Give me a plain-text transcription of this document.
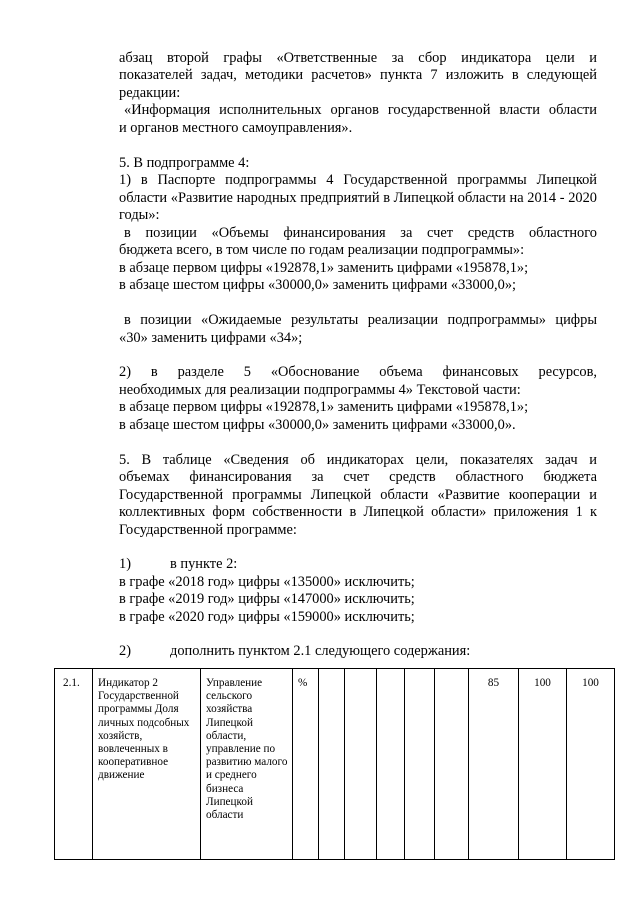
абзац второй графы «Ответственные за сбор индикатора цели и

показателей задач, методики расчетов» пункта 7 изложить в следующей

редакции:

«Информация исполнительных органов государственной власти области

и органов местного самоуправления».

5. В подпрограмме 4:

1) в Паспорте подпрограммы 4 Государственной программы Липецкой

области «Развитие народных предприятий в Липецкой области на 2014 - 2020

годы»:

в позиции «Объемы финансирования за счет средств областного

бюджета всего, в том числе по годам реализации подпрограммы»:

в абзаце первом цифры «192878,1» заменить цифрами «195878,1»;

в абзаце шестом цифры «30000,0» заменить цифрами «33000,0»;

в позиции «Ожидаемые результаты реализации подпрограммы» цифры

«30» заменить цифрами «34»;

2) в разделе 5 «Обоснование объема финансовых ресурсов,

необходимых для реализации подпрограммы 4» Текстовой части:

в абзаце первом цифры «192878,1» заменить цифрами «195878,1»;

в абзаце шестом цифры «30000,0» заменить цифрами «33000,0».

5. В таблице «Сведения об индикаторах цели, показателях задач и

объемах финансирования за счет средств областного бюджета

Государственной программы Липецкой области «Развитие кооперации и

коллективных форм собственности в Липецкой области» приложения 1 к

Государственной программе:

1)	в пункте 2:

в графе «2018 год» цифры «135000» исключить;

в графе «2019 год» цифры «147000» исключить;

в графе «2020 год» цифры «159000» исключить;

2)	дополнить пунктом 2.1 следующего содержания:
2.1.	Индикатор 2 Государственной программы Доля личных подсобных хозяйств, вовлеченных в кооперативное движение	Управление сельского хозяйства Липецкой области, управление по развитию малого и среднего бизнеса Липецкой области	%						85	100	100
